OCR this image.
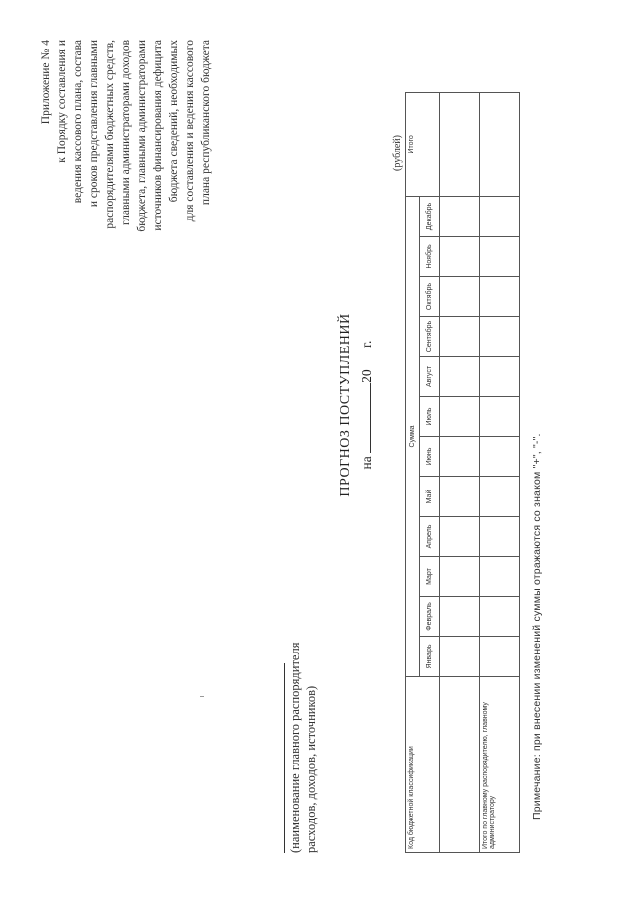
Приложение № 4 к Порядку составления и ведения кассового плана, состава и сроков представления главными распорядителями бюджетных средств, главными администраторами доходов бюджета, главными администраторами источников финансирования дефицита бюджета сведений, необходимых для составления и ведения кассового плана республиканского бюджета
(наименование главного распорядителя расходов, доходов, источников)
ПРОГНОЗ ПОСТУПЛЕНИЙ на 20 г.
(рублей)
Код бюджетной классификации	Сумма												Итого
	Январь	Февраль	Март	Апрель	Май	Июнь	Июль	Август	Сентябрь	Октябрь	Ноябрь	Декабрь	

Итого по главному распорядителю, главному администратору													
Примечание: при внесении изменений суммы отражаются со знаком "+", "-".
